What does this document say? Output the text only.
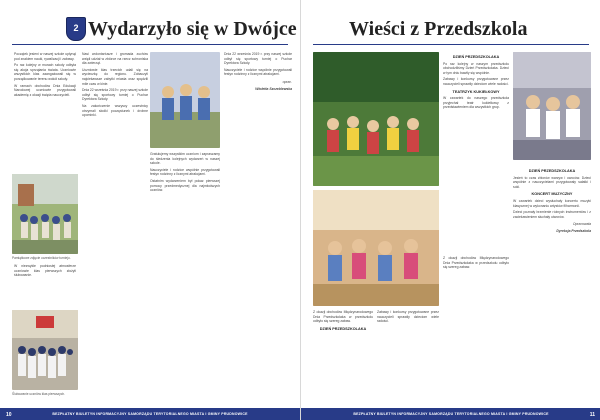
2 Wydarzyło się w Dwójce

Początek jesieni w naszej szkole upłynął pod znakiem nauki, rywalizacji i zabawy.

Po raz kolejny w murach szkoły odbyła się akcja sprzątania świata. Uczniowie wszystkich klas zaangażowali się w porządkowanie terenu wokół szkoły.

W ramach obchodów Dnia Edukacji Narodowej uczniowie przygotowali akademię z okazji święta nauczycieli.

Pamiątkowe zdjęcie uczestników turnieju.

W niezwykle podniosłej atmosferze uczniowie klas pierwszych złożyli ślubowanie.

Ślubowanie uczniów klas pierwszych.

Nasi wolontariusze i gromada zuchów wzięli udział w zbiórce na rzecz schroniska dla zwierząt.

Uczniowie klas trzecich udali się na wycieczkę do regionu. Zobaczyli najciekawsze zabytki miasta oraz spędzili mile czas w kinie.

Dnia 22 września 2019 r. przy naszej szkole odbył się sportowy turniej o Puchar Dyrektora Szkoły.

Na zakończenie wszyscy uczestnicy otrzymali słodki poczęstunek i drobne upominki.

Gratulujemy wszystkim uczniom i zapraszamy do śledzenia kolejnych wydarzeń w naszej szkole.

Nauczyciele i rodzice wspólnie przygotowali festyn rodzinny z licznymi atrakcjami.

Ostatnim wydarzeniem był pokaz pierwszej pomocy przedmedycznej dla najmłodszych uczniów.

Dnia 22 września 2019 r. przy naszej szkole odbył się sportowy turniej o Puchar Dyrektora Szkoły.

Nauczyciele i rodzice wspólnie przygotowali festyn rodzinny z licznymi atrakcjami.

oprac.

Wioletta Szczeblewska

BEZPŁATNY BIULETYN INFORMACYJNY SAMORZĄDU TERYTORIALNEGO MIASTA I GMINY PRUDNOWICE
10
Wieści z Przedszkola

DZIEŃ PRZEDSZKOLAKA

Po raz kolejny w naszym przedszkolu obchodziliśmy Dzień Przedszkolaka. Dzieci w tym dniu bawiły się wspólnie.

Zabawy i konkursy przygotowane przez nauczycieli sprawiły dzieciom wiele radości.

TEATRZYK KUKIEŁKOWY

W czwartek do naszego przedszkola przyjechał teatr kukiełkowy z przedstawieniem dla wszystkich grup.

Z okazji obchodów Międzynarodowego Dnia Przedszkolaka w przedszkolu odbyło się szereg zabaw.

DZIEŃ PRZEDSZKOLAKA

Zabawy i konkursy przygotowane przez nauczycieli sprawiły dzieciom wiele radości.

Z okazji obchodów Międzynarodowego Dnia Przedszkolaka w przedszkolu odbyło się szereg zabaw.

DZIEŃ PRZEDSZKOLAKA

Jesień to czas zbiorów warzyw i owoców. Dzieci wspólnie z nauczycielami przygotowały sałatki i soki.

KONCERT MUZYCZNY

W czwartek dzieci wysłuchały koncertu muzyki klasycznej w wykonaniu artystów filharmonii.

Dzieci poznały brzmienie różnych instrumentów i z zaciekawieniem słuchały utworów.

Opracowała

Dyrekcja Przedszkola

BEZPŁATNY BIULETYN INFORMACYJNY SAMORZĄDU TERYTORIALNEGO MIASTA I GMINY PRUDNOWICE	11
